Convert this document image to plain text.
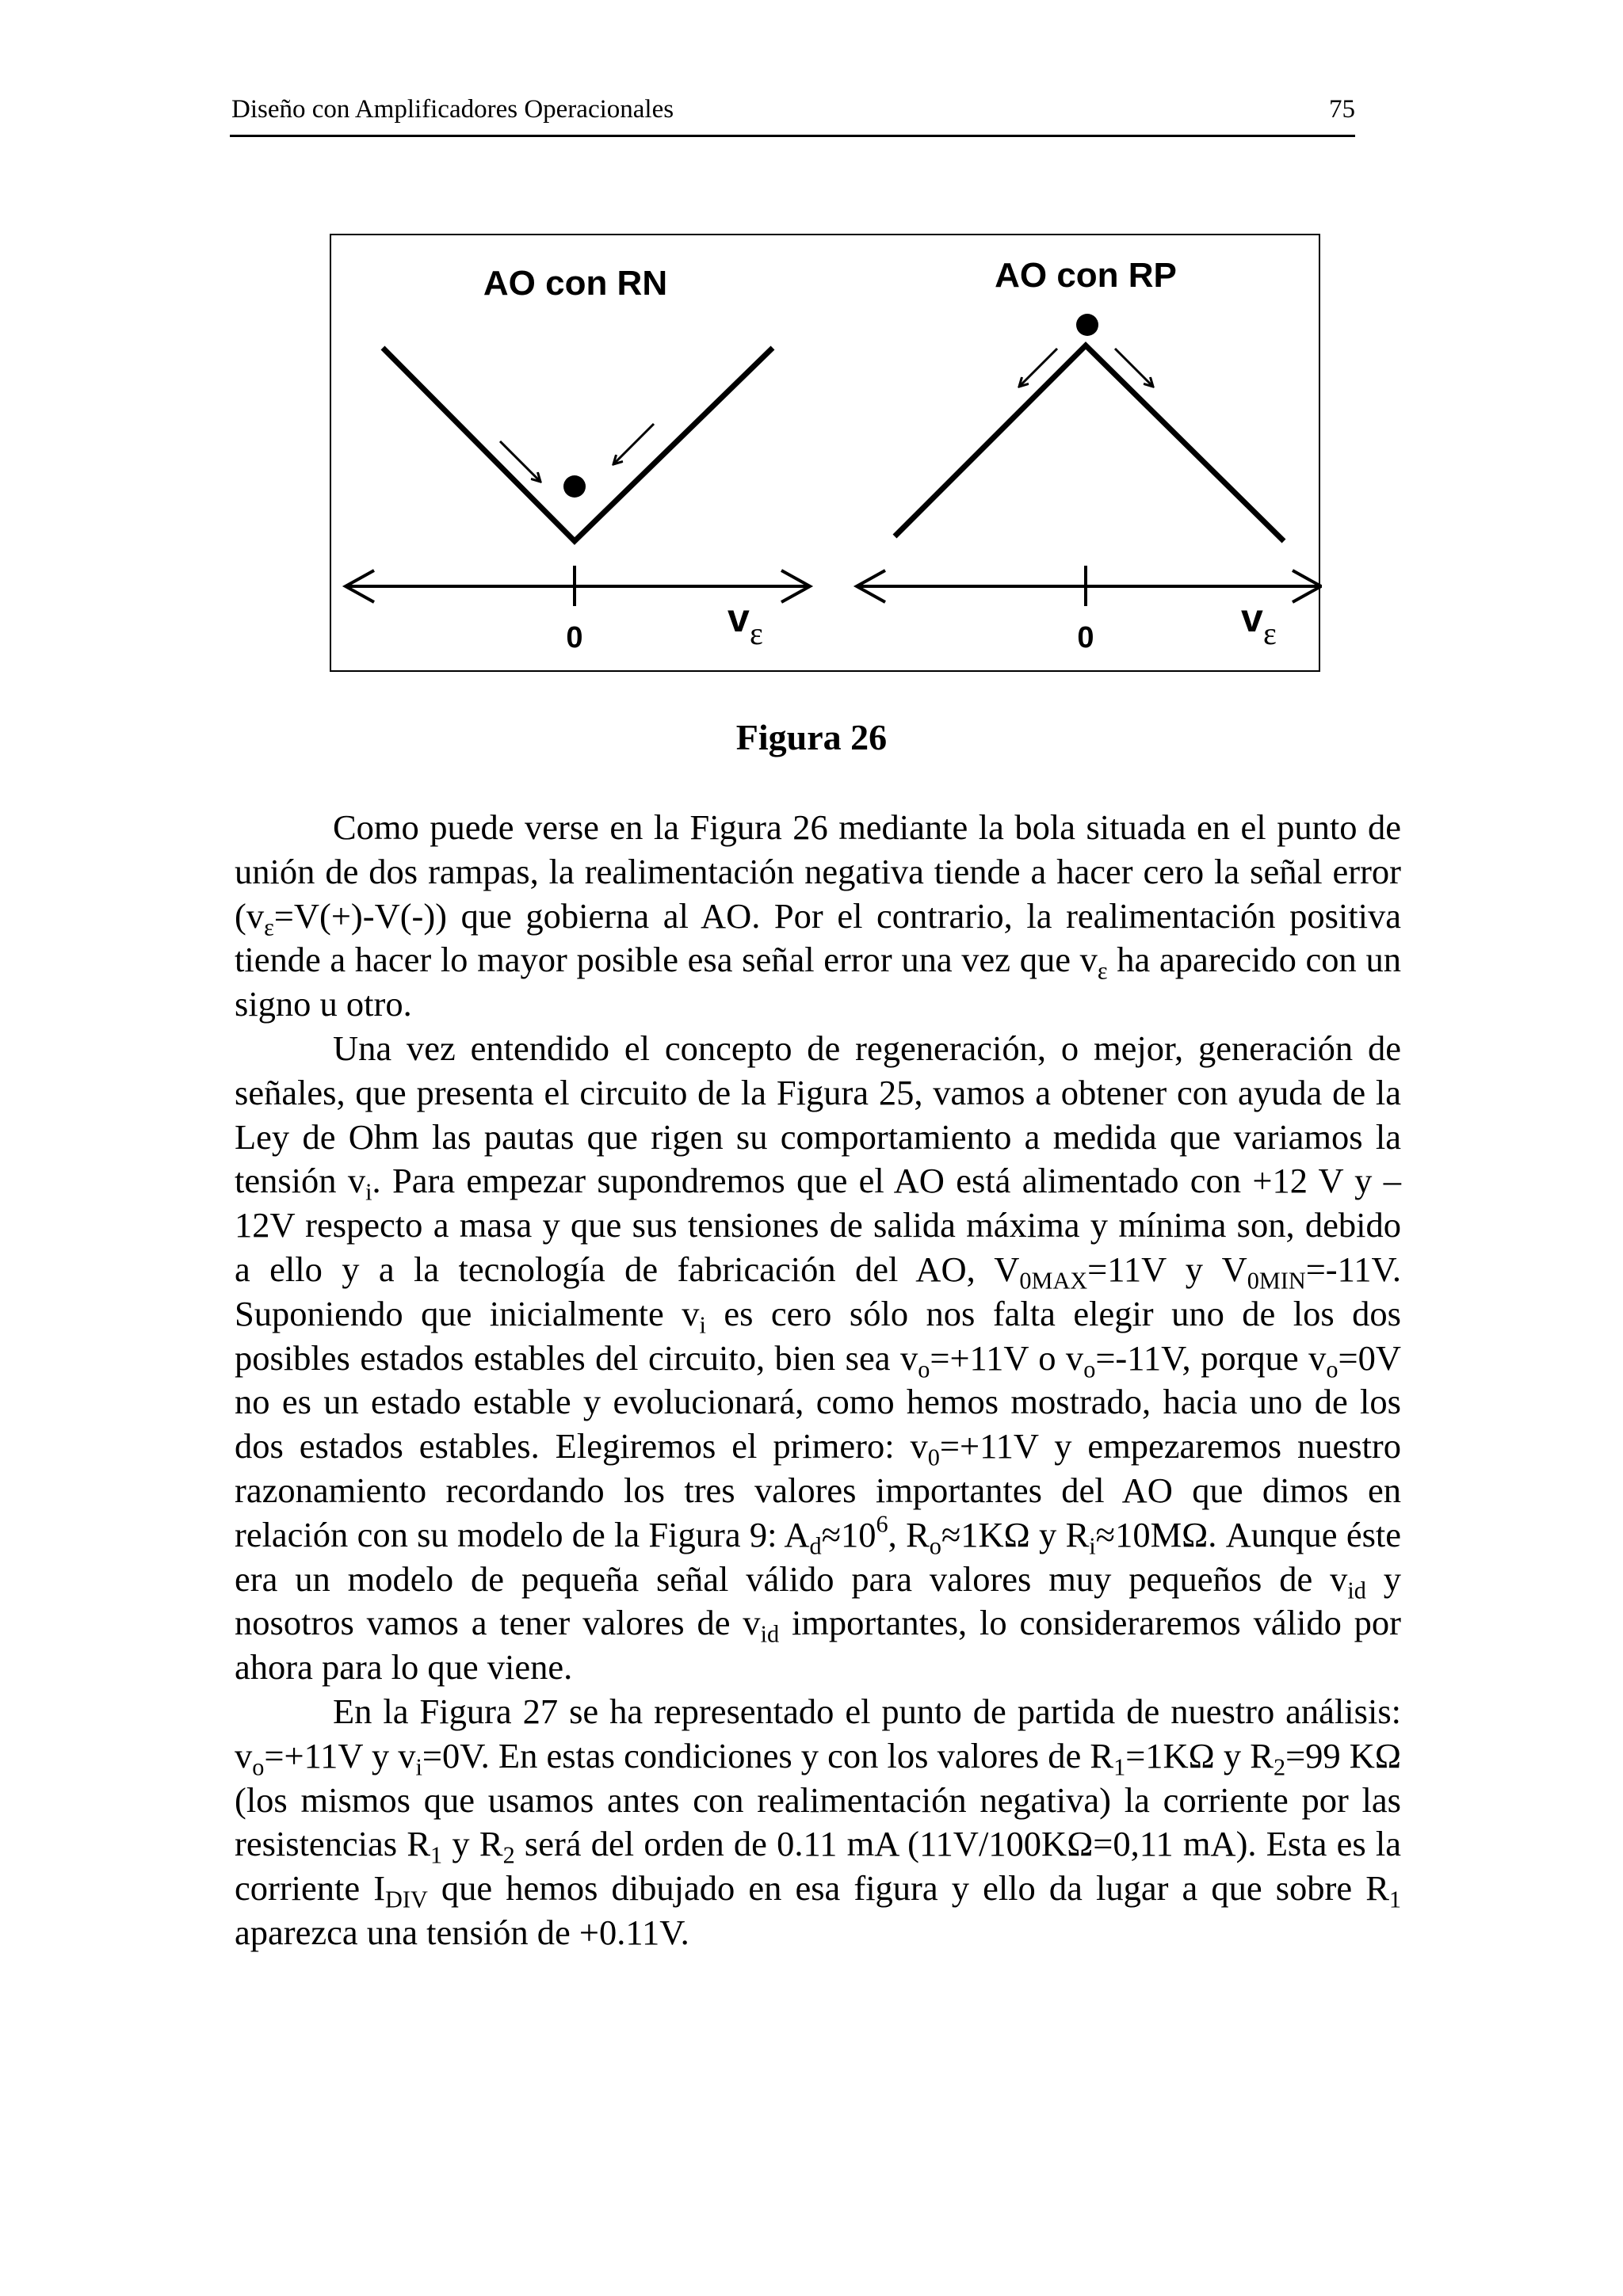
Diseño con Amplificadores Operacionales	75
AO con RN
0	v ε
AO con RP
0	v ε
Figura 26

Como puede verse en la Figura 26 mediante la bola situada en el punto de unión de dos rampas, la realimentación negativa tiende a hacer cero la señal error $(v_\varepsilon=V(+)-V(-))$ que gobierna al AO. Por el contrario, la realimentación positiva tiende a hacer lo mayor posible esa señal error una vez que $v_\varepsilon$ ha aparecido con un signo u otro.

Una vez entendido el concepto de regeneración, o mejor, generación de señales, que presenta el circuito de la Figura 25, vamos a obtener con ayuda de la Ley de Ohm las pautas que rigen su comportamiento a medida que variamos la tensión $v_i$. Para empezar supondremos que el AO está alimentado con +12 V y –12V respecto a masa y que sus tensiones de salida máxima y mínima son, debido a ello y a la tecnología de fabricación del AO, $V_{0MAX}=11V$ y $V_{0MIN}=-11V$. Suponiendo que inicialmente $v_i$ es cero sólo nos falta elegir uno de los dos posibles estados estables del circuito, bien sea $v_o=+11V$ o $v_o=-11V$, porque $v_o=0V$ no es un estado estable y evolucionará, como hemos mostrado, hacia uno de los dos estados estables. Elegiremos el primero: $v_0=+11V$ y empezaremos nuestro razonamiento recordando los tres valores importantes del AO que dimos en relación con su modelo de la Figura 9: $A_d\approx 10^6$, $R_o\approx 1K\Omega$ y $R_i\approx 10M\Omega$. Aunque éste era un modelo de pequeña señal válido para valores muy pequeños de $v_{id}$ y nosotros vamos a tener valores de $v_{id}$ importantes, lo consideraremos válido por ahora para lo que viene.

En la Figura 27 se ha representado el punto de partida de nuestro análisis: $v_o=+11V$ y $v_i=0V$. En estas condiciones y con los valores de $R_1=1K\Omega$ y $R_2=99$ KΩ (los mismos que usamos antes con realimentación negativa) la corriente por las resistencias $R_1$ y $R_2$ será del orden de 0.11 mA (11V/100KΩ=0,11 mA). Esta es la corriente $I_{DIV}$ que hemos dibujado en esa figura y ello da lugar a que sobre $R_1$ aparezca una tensión de +0.11V.
